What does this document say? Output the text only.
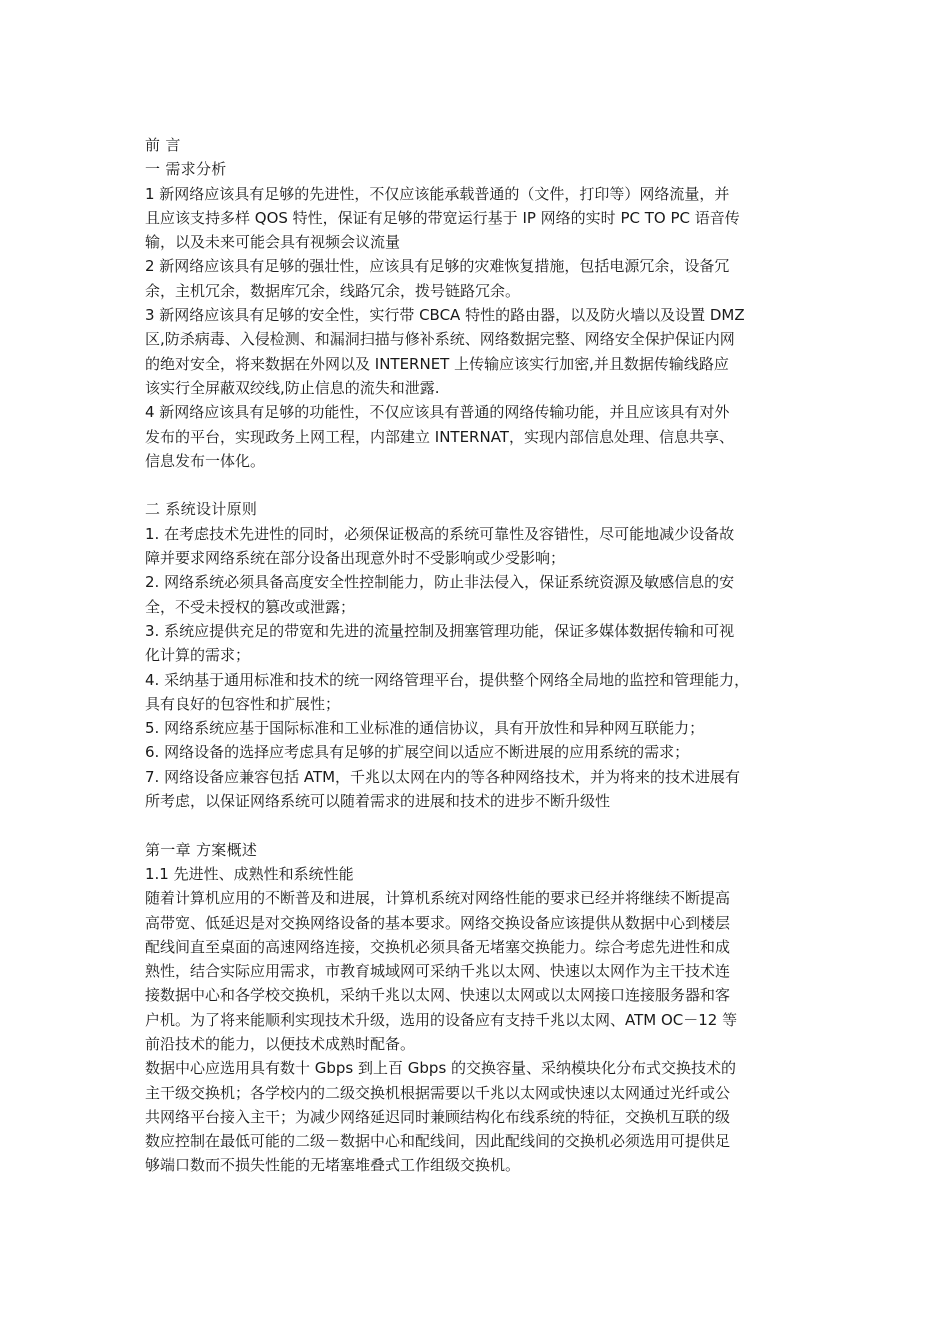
前 言
一 需求分析
1 新网络应该具有足够的先进性，不仅应该能承载普通的（文件，打印等）网络流量，并
且应该支持多样 QOS 特性，保证有足够的带宽运行基于 IP 网络的实时 PC TO PC 语音传
输，以及未来可能会具有视频会议流量
2 新网络应该具有足够的强壮性，应该具有足够的灾难恢复措施，包括电源冗余，设备冗
余，主机冗余，数据库冗余，线路冗余，拨号链路冗余。
3 新网络应该具有足够的安全性，实行带 CBCA 特性的路由器，以及防火墙以及设置 DMZ
区,防杀病毒、入侵检测、和漏洞扫描与修补系统、网络数据完整、网络安全保护保证内网
的绝对安全，将来数据在外网以及 INTERNET 上传输应该实行加密,并且数据传输线路应
该实行全屏蔽双绞线,防止信息的流失和泄露.
4 新网络应该具有足够的功能性，不仅应该具有普通的网络传输功能，并且应该具有对外
发布的平台，实现政务上网工程，内部建立 INTERNAT，实现内部信息处理、信息共享、
信息发布一体化。
二 系统设计原则
1. 在考虑技术先进性的同时，必须保证极高的系统可靠性及容错性，尽可能地减少设备故
障并要求网络系统在部分设备出现意外时不受影响或少受影响；
2. 网络系统必须具备高度安全性控制能力，防止非法侵入，保证系统资源及敏感信息的安
全，不受未授权的篡改或泄露；
3. 系统应提供充足的带宽和先进的流量控制及拥塞管理功能，保证多媒体数据传输和可视
化计算的需求；
4. 采纳基于通用标准和技术的统一网络管理平台，提供整个网络全局地的监控和管理能力，
具有良好的包容性和扩展性；
5. 网络系统应基于国际标准和工业标准的通信协议，具有开放性和异种网互联能力；
6. 网络设备的选择应考虑具有足够的扩展空间以适应不断进展的应用系统的需求；
7. 网络设备应兼容包括 ATM，千兆以太网在内的等各种网络技术，并为将来的技术进展有
所考虑，以保证网络系统可以随着需求的进展和技术的进步不断升级性
第一章 方案概述
1.1 先进性、成熟性和系统性能
随着计算机应用的不断普及和进展，计算机系统对网络性能的要求已经并将继续不断提高
高带宽、低延迟是对交换网络设备的基本要求。网络交换设备应该提供从数据中心到楼层
配线间直至桌面的高速网络连接，交换机必须具备无堵塞交换能力。综合考虑先进性和成
熟性，结合实际应用需求，市教育城域网可采纳千兆以太网、快速以太网作为主干技术连
接数据中心和各学校交换机，采纳千兆以太网、快速以太网或以太网接口连接服务器和客
户机。为了将来能顺利实现技术升级，选用的设备应有支持千兆以太网、ATM OC－12 等
前沿技术的能力，以便技术成熟时配备。
数据中心应选用具有数十 Gbps 到上百 Gbps 的交换容量、采纳模块化分布式交换技术的
主干级交换机；各学校内的二级交换机根据需要以千兆以太网或快速以太网通过光纤或公
共网络平台接入主干；为减少网络延迟同时兼顾结构化布线系统的特征，交换机互联的级
数应控制在最低可能的二级－数据中心和配线间，因此配线间的交换机必须选用可提供足
够端口数而不损失性能的无堵塞堆叠式工作组级交换机。
